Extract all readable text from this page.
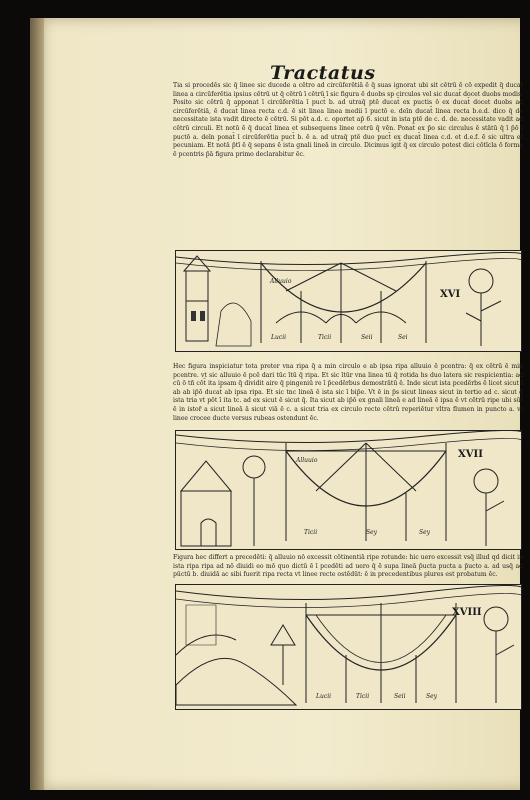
Tractatus
Tia si procedēs sic q̄ linee sic ducede a cētro ad circūferētiā ē q̄ suas ignorat ubi sit cētrū ē cō expedit q̄ ducat̄ linea a circūferētia ipsius cētrū ut q̄ cētrū ī cētrū ī sic figura ē duobs sp circulos vel sic ducat̄ docet duobs modis. Posito sic cētrū q̄ apponat ī circūferētia ī puct̄ b. ad utraq̄ ptē ducat̄ ex puctis ō ex ducat̄ docet duobs ad circūferētiā, ē ducat̄ linea recta c.d. ē sit linea linea medii ī puctō e. deīn ducat̄ linea recta b.e.d. dico q̄ de necessitate ista vadit directe ē cētrū. Si pōt a.d. c. oportet ap̄ 6. sicut in ista ptē de c. d. de. necessitate vadit ad cētrū circuli. Et notū ē q̄ ducat̄ linea et subsequens linee cetrū q̄ vēn. Ponat̄ ex p̄o sic circulus ē stātū q̄ ī p̄ō ī puctō a. deīn ponat̄ ī circūferētia puct̄ b. ē a. ad utraq̄ ptē duo puct̄ ex ducat̄ linea c.d. et d.e.f. ē sic ultra et pecuniam. Et notā p̄tī ē q̄ sepans ē ista gnali lineā in circulo. Dicimus igit̄ q̄ ex circulo potest dici cōtīcla ō forma ē pcentris p̄ā figura primo declarabitur ēc.
Alluuio
Lucii	Ticii	Seii	Sei
XVI
Hec figura inspiciatur tota preter vna ripa q̄ a min circulo e ab ipsa ripa alluuio ē pcentra: q̄ ex cētrū ē min pcentre. vt sic alluuio ē pcē dari tūc ītū q̄ ripa. Et sic ītūr vna linea tū q̄ rotida hs duo latera sic respicientia: ad cū ō tñ cōt̄ ita ipsam q̄ dividit aire q̄ pingeniū re ī p̄cedērbus demostrātū ē. Inde sicut ista pcedērbs ē licet sicut ī ab ab ip̄ō ducat̄ ab ipsa ripa. Et sic tnc lineā ē ista sic ī bip̄e. Vt ē in p̄s sicut lineas sicut in tertio ad c. sicut q̄ ista tria vt pōt ī ita tc. ad ex sicut ē sicut q̄. Ita sicut ab ip̄ō ex gnali lineā e ad lineā ē ipsa ē vt cētrū ripe ubi sūt ē in istor̄ a sicut lineā ā sicut viā ē c. a sicut tria ex circulo recte cētrū reperiētur vltra flumen in puncto a. vt linee crocee ducte versus rubeas ostendunt ēc.
Alluuio
Ticii	Sey	Sey
XVII
Figura hec differt a precedēti: q̄ alluuio nō excessit cōtinentiā ripe rotunde: hic uero excessit vsq̄ illud qd dicit in ista ripa ripa ad nō diuidi eo mō quo dictū ē ī pcedēti ad uero q̄ ē supa lineā p̄ucta pucta a p̄ucto a. ad usq̄ ad pūctū b. diuidā ac sibi fuerit ripa recta vt linee recte ostēdūt: ē in precedentibus plures est probatum ēc.
Lucii	Ticii	Seii	Sey
XVIII
